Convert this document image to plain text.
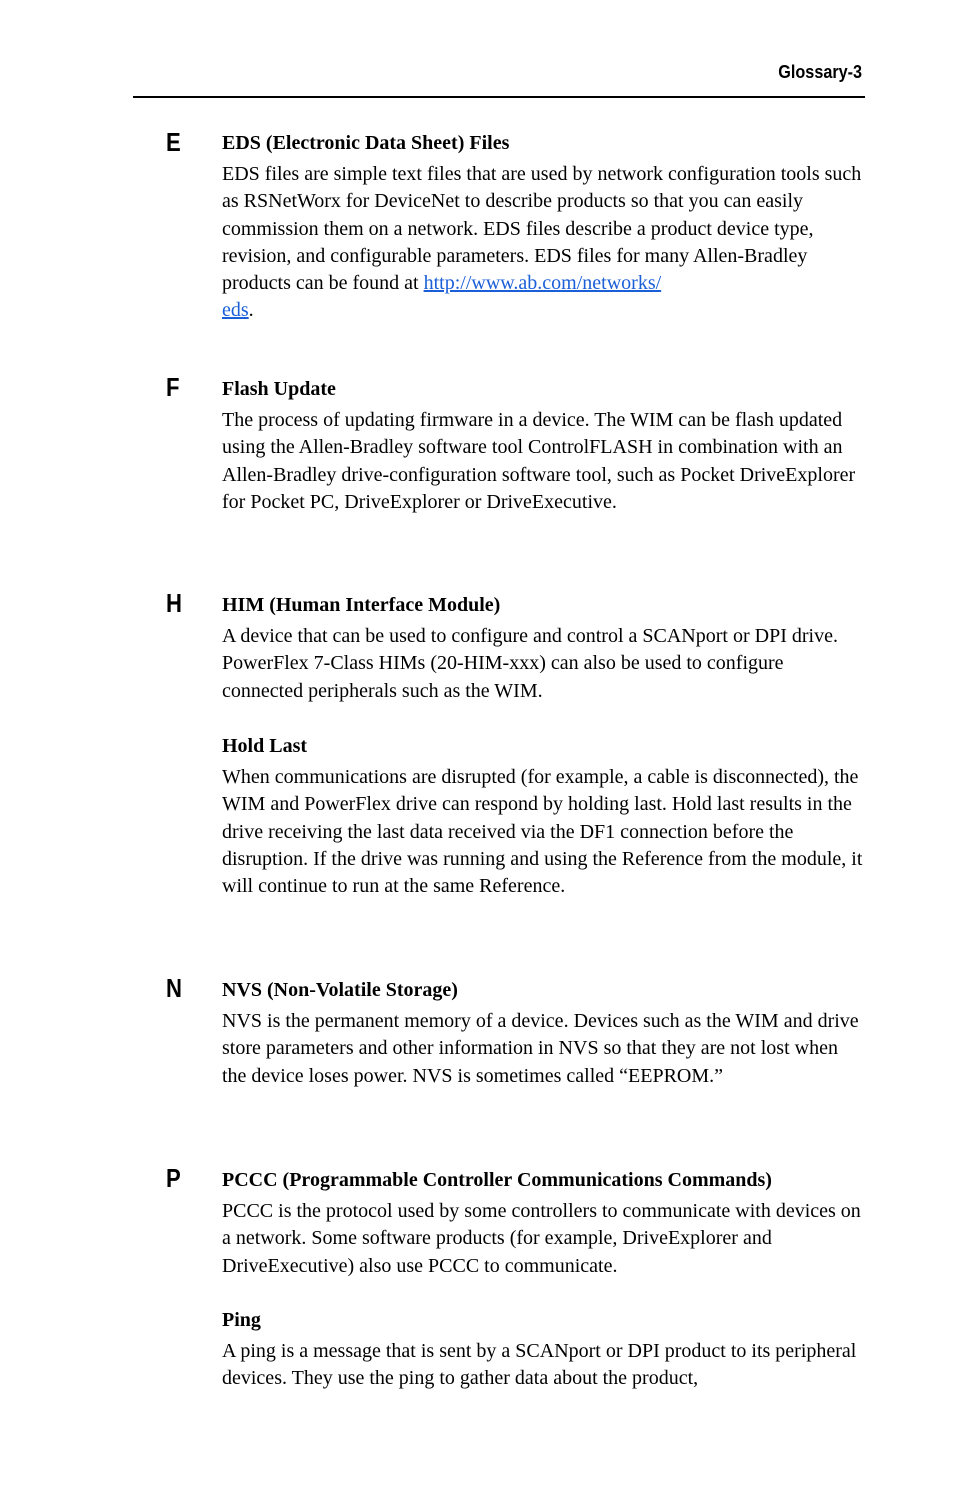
Glossary-3
E EDS (Electronic Data Sheet) Files

EDS files are simple text files that are used by network configuration tools such as RSNetWorx for DeviceNet to describe products so that you can easily commission them on a network. EDS files describe a product device type, revision, and configurable parameters. EDS files for many Allen-Bradley products can be found at http://www.ab.com/networks/
eds.

F Flash Update

The process of updating firmware in a device. The WIM can be flash updated using the Allen-Bradley software tool ControlFLASH in combination with an Allen-Bradley drive-configuration software tool, such as Pocket DriveExplorer for Pocket PC, DriveExplorer or DriveExecutive.

H HIM (Human Interface Module)

A device that can be used to configure and control a SCANport or DPI drive. PowerFlex 7-Class HIMs (20-HIM-xxx) can also be used to configure connected peripherals such as the WIM.

Hold Last

When communications are disrupted (for example, a cable is disconnected), the WIM and PowerFlex drive can respond by holding last. Hold last results in the drive receiving the last data received via the DF1 connection before the disruption. If the drive was running and using the Reference from the module, it will continue to run at the same Reference.

N NVS (Non-Volatile Storage)

NVS is the permanent memory of a device. Devices such as the WIM and drive store parameters and other information in NVS so that they are not lost when the device loses power. NVS is sometimes called “EEPROM.”

P PCCC (Programmable Controller Communications Commands)

PCCC is the protocol used by some controllers to communicate with devices on a network. Some software products (for example, DriveExplorer and DriveExecutive) also use PCCC to communicate.

Ping

A ping is a message that is sent by a SCANport or DPI product to its peripheral devices. They use the ping to gather data about the product,
